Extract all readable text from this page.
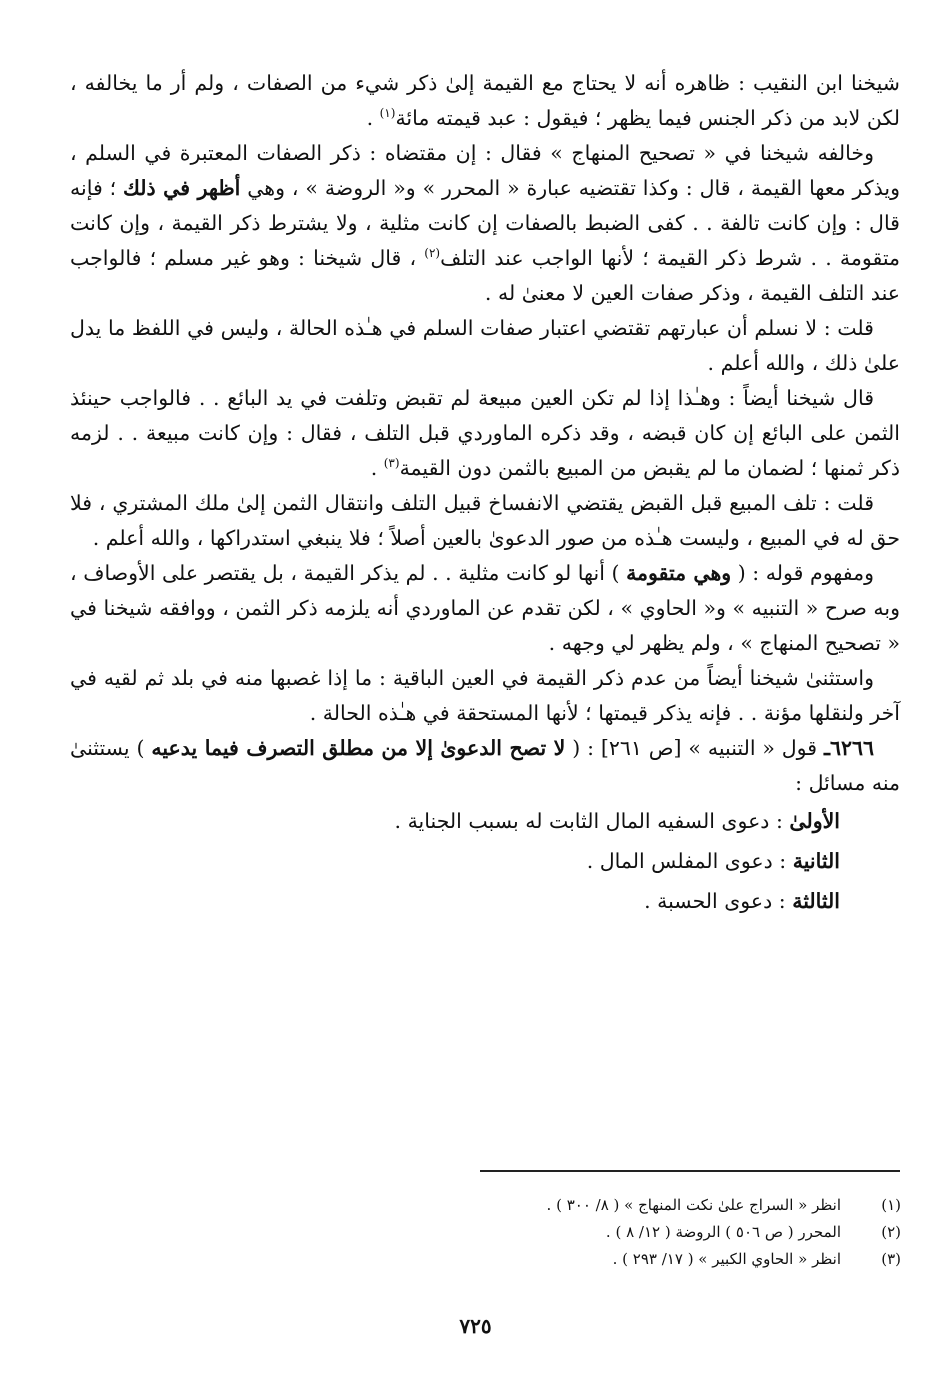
شيخنا ابن النقيب : ظاهره أنه لا يحتاج مع القيمة إلىٰ ذكر شيء من الصفات ، ولم أر ما يخالفه ، لكن لابد من ذكر الجنس فيما يظهر ؛ فيقول : عبد قيمته مائة$^{(١)}$ .

وخالفه شيخنا في « تصحيح المنهاج » فقال : إن مقتضاه : ذكر الصفات المعتبرة في السلم ، ويذكر معها القيمة ، قال : وكذا تقتضيه عبارة « المحرر » و« الروضة » ، وهي أظهر في ذلك ؛ فإنه قال : وإن كانت تالفة . . كفى الضبط بالصفات إن كانت مثلية ، ولا يشترط ذكر القيمة ، وإن كانت متقومة . . شرط ذكر القيمة ؛ لأنها الواجب عند التلف$^{(٢)}$ ، قال شيخنا : وهو غير مسلم ؛ فالواجب عند التلف القيمة ، وذكر صفات العين لا معنىٰ له .

قلت : لا نسلم أن عبارتهم تقتضي اعتبار صفات السلم في هـٰذه الحالة ، وليس في اللفظ ما يدل علىٰ ذلك ، والله أعلم .

قال شيخنا أيضاً : وهـٰذا إذا لم تكن العين مبيعة لم تقبض وتلفت في يد البائع . . فالواجب حينئذ الثمن على البائع إن كان قبضه ، وقد ذكره الماوردي قبل التلف ، فقال : وإن كانت مبيعة . . لزمه ذكر ثمنها ؛ لضمان ما لم يقبض من المبيع بالثمن دون القيمة$^{(٣)}$ .

قلت : تلف المبيع قبل القبض يقتضي الانفساخ قبيل التلف وانتقال الثمن إلىٰ ملك المشتري ، فلا حق له في المبيع ، وليست هـٰذه من صور الدعوىٰ بالعين أصلاً ؛ فلا ينبغي استدراكها ، والله أعلم .

ومفهوم قوله : ( وهي متقومة ) أنها لو كانت مثلية . . لم يذكر القيمة ، بل يقتصر على الأوصاف ، وبه صرح « التنبيه » و« الحاوي » ، لكن تقدم عن الماوردي أنه يلزمه ذكر الثمن ، ووافقه شيخنا في « تصحيح المنهاج » ، ولم يظهر لي وجهه .

واستثنىٰ شيخنا أيضاً من عدم ذكر القيمة في العين الباقية : ما إذا غصبها منه في بلد ثم لقيه في آخر ولنقلها مؤنة . . فإنه يذكر قيمتها ؛ لأنها المستحقة في هـٰذه الحالة .

٦٢٦٦ـ قول « التنبيه » [ص ٢٦١] : ( لا تصح الدعوىٰ إلا من مطلق التصرف فيما يدعيه ) يستثنىٰ منه مسائل :

الأولىٰ : دعوى السفيه المال الثابت له بسبب الجناية .
الثانية : دعوى المفلس المال .
الثالثة : دعوى الحسبة .
(١)انظر « السراج علىٰ نكت المنهاج » ( ٨/ ٣٠٠ ) .
(٢)المحرر ( ص ٥٠٦ ) الروضة ( ١٢/ ٨ ) .
(٣)انظر « الحاوي الكبير » ( ١٧/ ٢٩٣ ) .
٧٢٥
